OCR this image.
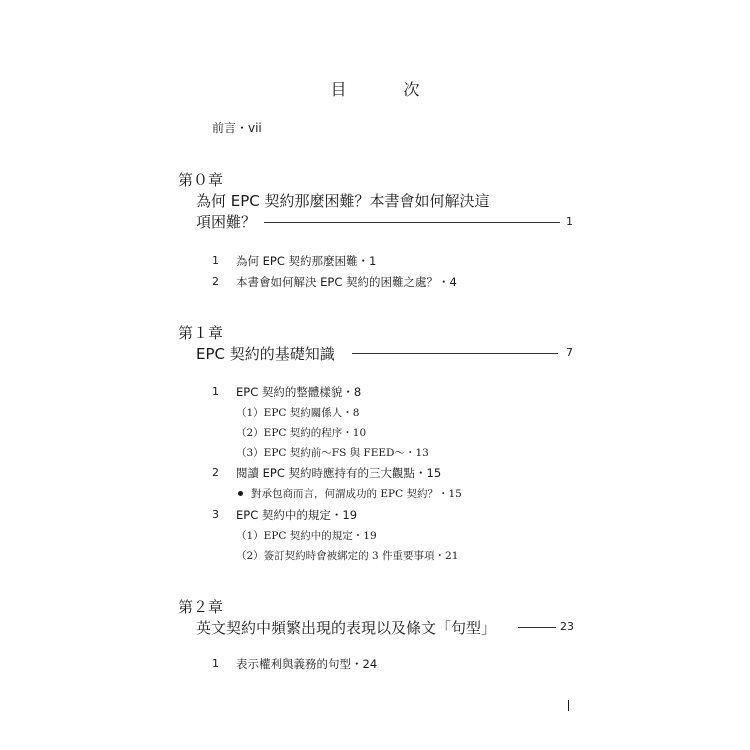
目 次
前言・vii
第０章
為何 EPC 契約那麼困難？本書會如何解決這
項困難？	1
1 為何 EPC 契約那麼困難・1
2 本書會如何解決 EPC 契約的困難之處？・4
第１章
EPC 契約的基礎知識	7
1 EPC 契約的整體樣貌・8
（1）EPC 契約關係人・8
（2）EPC 契約的程序・10
（3）EPC 契約前～FS 與 FEED～・13
2 閱讀 EPC 契約時應持有的三大觀點・15
對承包商而言，何謂成功的 EPC 契約？・15
3 EPC 契約中的規定・19
（1）EPC 契約中的規定・19
（2）簽訂契約時會被綁定的 3 件重要事項・21
第２章
英文契約中頻繁出現的表現以及條文「句型」	23
1 表示權利與義務的句型・24
